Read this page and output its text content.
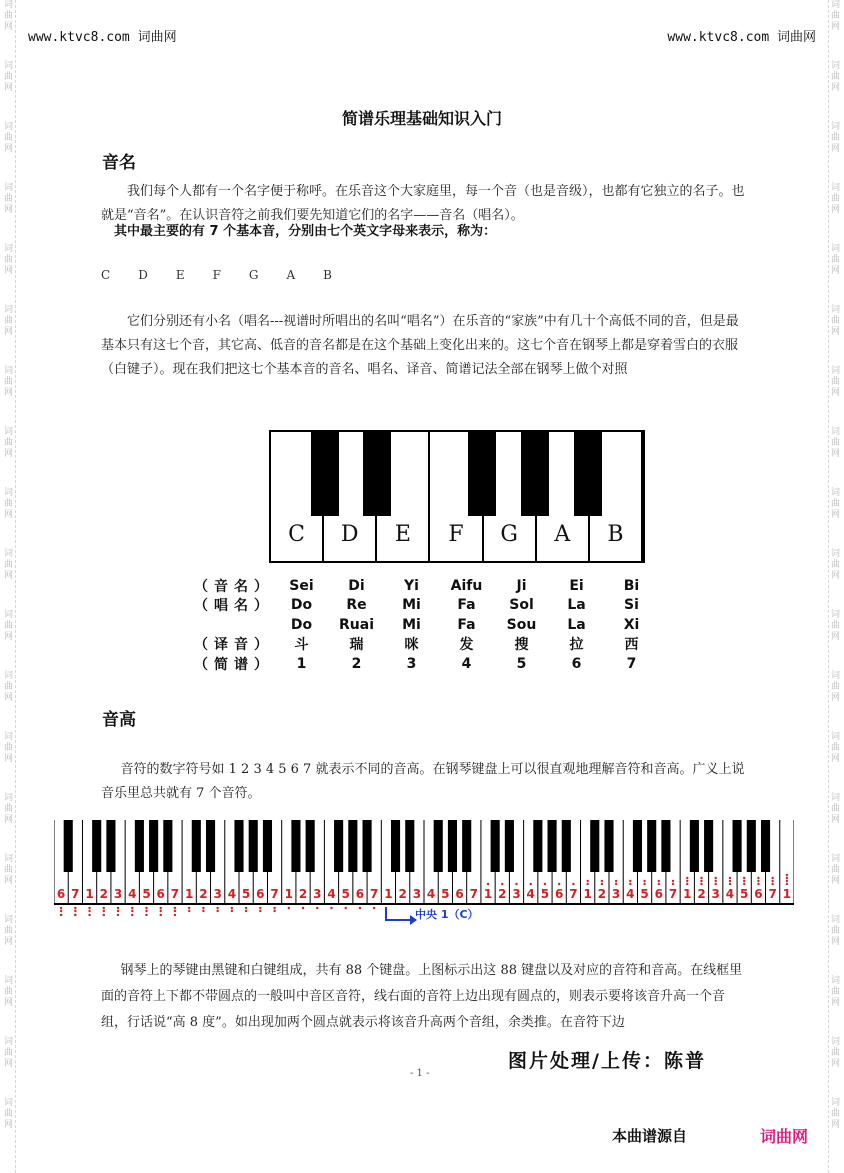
词
曲
网
词
曲
网
词
曲
网
词
曲
网
词
曲
网
词
曲
网
词
曲
网
词
曲
网
词
曲
网
词
曲
网
词
曲
网
词
曲
网
词
曲
网
词
曲
网
词
曲
网
词
曲
网
词
曲
网
词
曲
网
词
曲
网
词
曲
网
词
曲
网
词
曲
网
词
曲
网
词
曲
网
词
曲
网
词
曲
网
词
曲
网
词
曲
网
词
曲
网
词
曲
网
词
曲
网
词
曲
网
词
曲
网
词
曲
网
词
曲
网
词
曲
网
词
曲
网
词
曲
网
www.ktvc8.com 词曲网	www.ktvc8.com 词曲网
简谱乐理基础知识入门
音名
我们每个人都有一个名字便于称呼。在乐音这个大家庭里，每一个音（也是音级），也都有它独立的名子。也就是“音名”。在认识音符之前我们要先知道它们的名字——音名（唱名）。
其中最主要的有 7 个基本音，分别由七个英文字母来表示，称为：
C D E F G A B
它们分别还有小名（唱名---视谱时所唱出的名叫“唱名”）在乐音的“家族”中有几十个高低不同的音，但是最基本只有这七个音，其它高、低音的音名都是在这个基础上变化出来的。这七个音在钢琴上都是穿着雪白的衣服（白键子）。现在我们把这七个基本音的音名、唱名、译音、简谱记法全部在钢琴上做个对照
C	D	E	F	G	A	B
（ 音 名 ）	Sei	Di	Yi	Aifu	Ji	Ei	Bi
（ 唱 名 ）	Do	Re	Mi	Fa	Sol	La	Si
Do	Ruai	Mi	Fa	Sou	La	Xi
（ 译 音 ）	斗	瑞	咪	发	搜	拉	西
（ 简 谱 ）	1	2	3	4	5	6	7
音高
音符的数字符号如 1 2 3 4 5 6 7 就表示不同的音高。在钢琴键盘上可以很直观地理解音符和音高。广义上说音乐里总共就有 7 个音符。
6 7 1 2 3 4 5 6 7 1 2 3 4 5 6 7 1 2 3 4 5 6 7 1 2 3 4 5 6 7 1 2 3 4 5 6 7 1 2 3 4 5 6 7 1 2 3 4 5 6 7 1
中央 1（C）
钢琴上的琴键由黑键和白键组成，共有 88 个键盘。上图标示出这 88 键盘以及对应的音符和音高。在线框里面的音符上下都不带圆点的一般叫中音区音符，线右面的音符上边出现有圆点的，则表示要将该音升高一个音组，行话说“高 8 度”。如出现加两个圆点就表示将该音升高两个音组，余类推。在音符下边
图片处理/上传：陈普
- 1 -
本曲谱源自	词曲网
